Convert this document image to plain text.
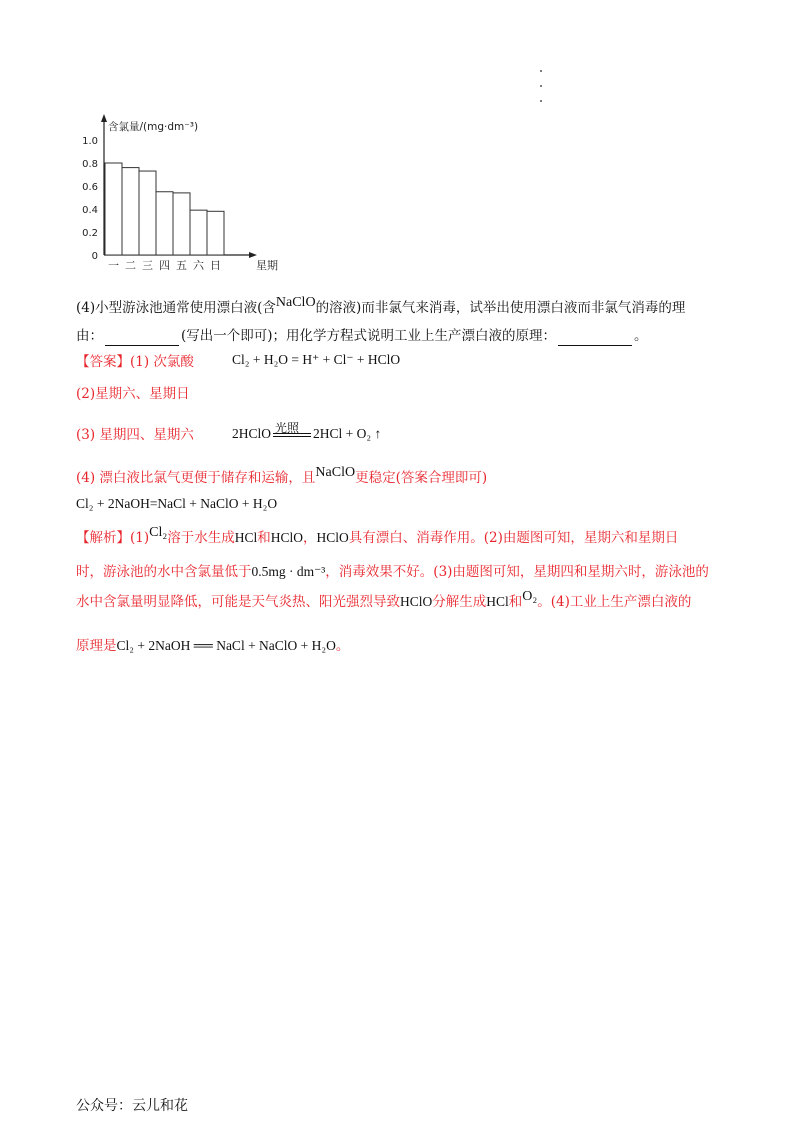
0
0.2
0.4
0.6
0.8
1.0
一 二 三 四 五 六 日
含氯量/(mg·dm⁻³)
星期
(4)小型游泳池通常使用漂白液(含NaClO的溶液)而非氯气来消毒，试举出使用漂白液而非氯气消毒的理
由：	(写出一个即可)；用化学方程式说明工业上生产漂白液的原理：	。
【答案】(1) 次氯酸	Cl₂ + H₂O = H⁺ + Cl⁻ + HClO
(2)星期六、星期日
(3) 星期四、星期六	光照
2HClO	2HCl + O₂ ↑
(4) 漂白液比氯气更便于储存和运输，且NaClO更稳定(答案合理即可)
Cl₂ + 2NaOH=NaCl + NaClO + H₂O
【解析】(1)Cl₂溶于水生成HCl和HClO，HClO具有漂白、消毒作用。(2)由题图可知，星期六和星期日
时，游泳池的水中含氯量低于0.5mg · dm⁻³，消毒效果不好。(3)由题图可知，星期四和星期六时，游泳池的
水中含氯量明显降低，可能是天气炎热、阳光强烈导致HClO分解生成HCl和O₂。(4)工业上生产漂白液的
原理是Cl₂ + 2NaOH ══ NaCl + NaClO + H₂O。
公众号：云儿和花
